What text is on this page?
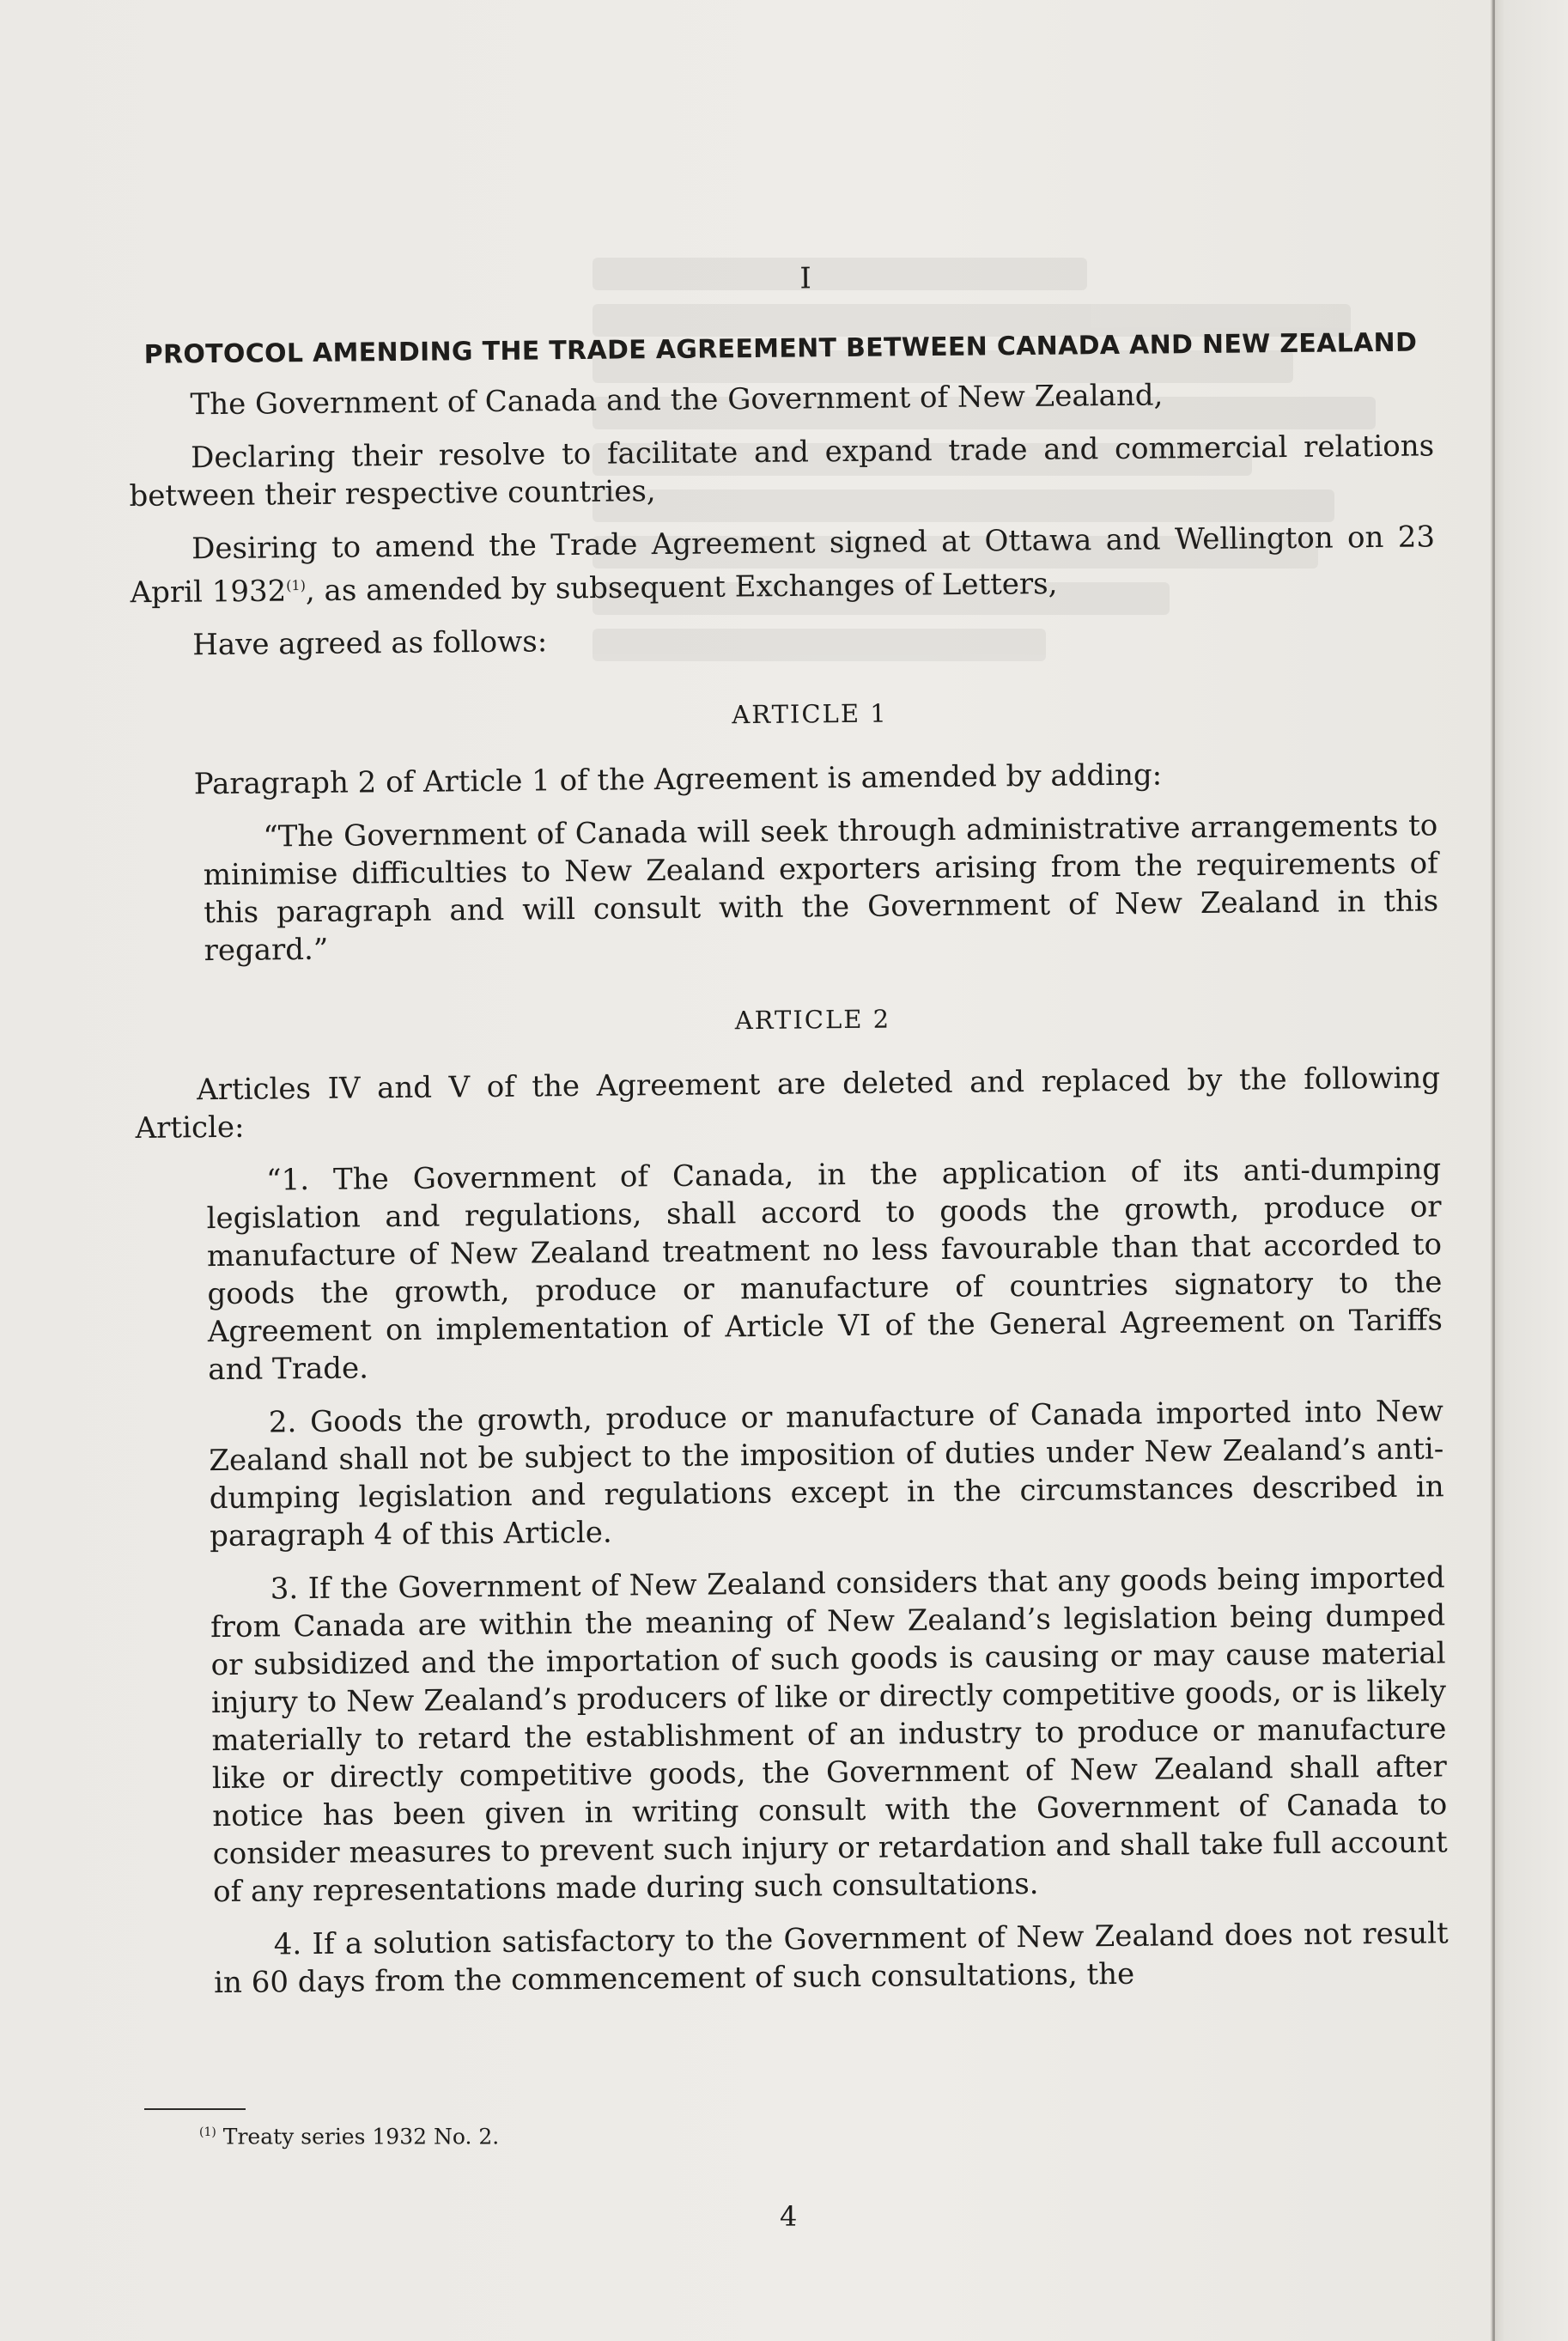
I
PROTOCOL AMENDING THE TRADE AGREEMENT BETWEEN CANADA AND NEW ZEALAND

The Government of Canada and the Government of New Zealand,

Declaring their resolve to facilitate and expand trade and commercial relations between their respective countries,

Desiring to amend the Trade Agreement signed at Ottawa and Wellington on 23 April 1932$^{(1)}$, as amended by subsequent Exchanges of Letters,

Have agreed as follows:

ARTICLE 1

Paragraph 2 of Article 1 of the Agreement is amended by adding:

“The Government of Canada will seek through administrative arrangements to minimise difficulties to New Zealand exporters arising from the requirements of this paragraph and will consult with the Government of New Zealand in this regard.”

ARTICLE 2

Articles IV and V of the Agreement are deleted and replaced by the following Article:

“1. The Government of Canada, in the application of its anti-dumping legislation and regulations, shall accord to goods the growth, produce or manufacture of New Zealand treatment no less favourable than that accorded to goods the growth, produce or manufacture of countries signatory to the Agreement on implementation of Article VI of the General Agreement on Tariffs and Trade.

2. Goods the growth, produce or manufacture of Canada imported into New Zealand shall not be subject to the imposition of duties under New Zealand’s anti-dumping legislation and regulations except in the circumstances described in paragraph 4 of this Article.

3. If the Government of New Zealand considers that any goods being imported from Canada are within the meaning of New Zealand’s legislation being dumped or subsidized and the importation of such goods is causing or may cause material injury to New Zealand’s producers of like or directly competitive goods, or is likely materially to retard the establishment of an industry to produce or manufacture like or directly competitive goods, the Government of New Zealand shall after notice has been given in writing consult with the Government of Canada to consider measures to prevent such injury or retardation and shall take full account of any representations made during such consultations.

4. If a solution satisfactory to the Government of New Zealand does not result in 60 days from the commencement of such consultations, the

$^{(1)}$ Treaty series 1932 No. 2.
4
